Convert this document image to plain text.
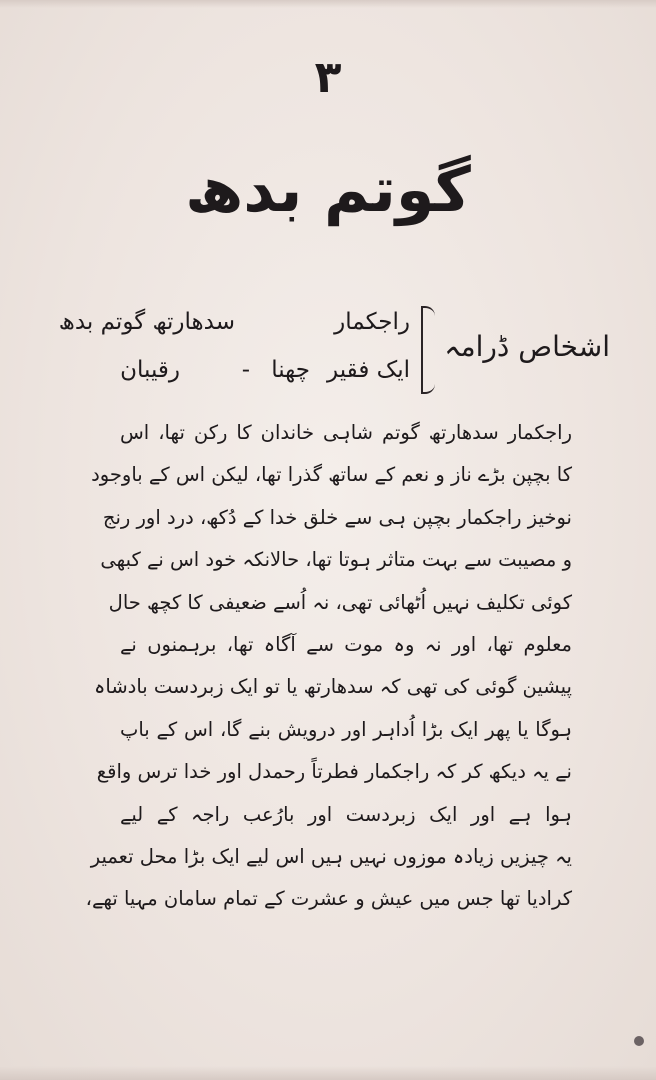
۳
گوتم بدھ
اشخاص ڈرامہ
راجکمار
سدھارتھ گوتم بدھ
ایک فقیر
چھنا
-
رقیبان
راجکمار سدھارتھ گوتم شاہی خاندان کا رکن تھا، اس
کا بچپن بڑے ناز و نعم کے ساتھ گذرا تھا، لیکن اس کے باوجود
نوخیز راجکمار بچپن ہی سے خلق خدا کے دُکھ، درد اور رنج
و مصیبت سے بہت متاثر ہوتا تھا، حالانکہ خود اس نے کبھی
کوئی تکلیف نہیں اُٹھائی تھی، نہ اُسے ضعیفی کا کچھ حال
معلوم تھا، اور نہ وہ موت سے آگاہ تھا، برہمنوں نے
پیشین گوئی کی تھی کہ سدھارتھ یا تو ایک زبردست بادشاہ
ہوگا یا پھر ایک بڑا اُداہر اور درویش بنے گا، اس کے باپ
نے یہ دیکھ کر کہ راجکمار فطرتاً رحمدل اور خدا ترس واقع
ہوا ہے اور ایک زبردست اور بارُعب راجہ کے لیے
یہ چیزیں زیادہ موزوں نہیں ہیں اس لیے ایک بڑا محل تعمیر
کرادیا تھا جس میں عیش و عشرت کے تمام سامان مہیا تھے،
